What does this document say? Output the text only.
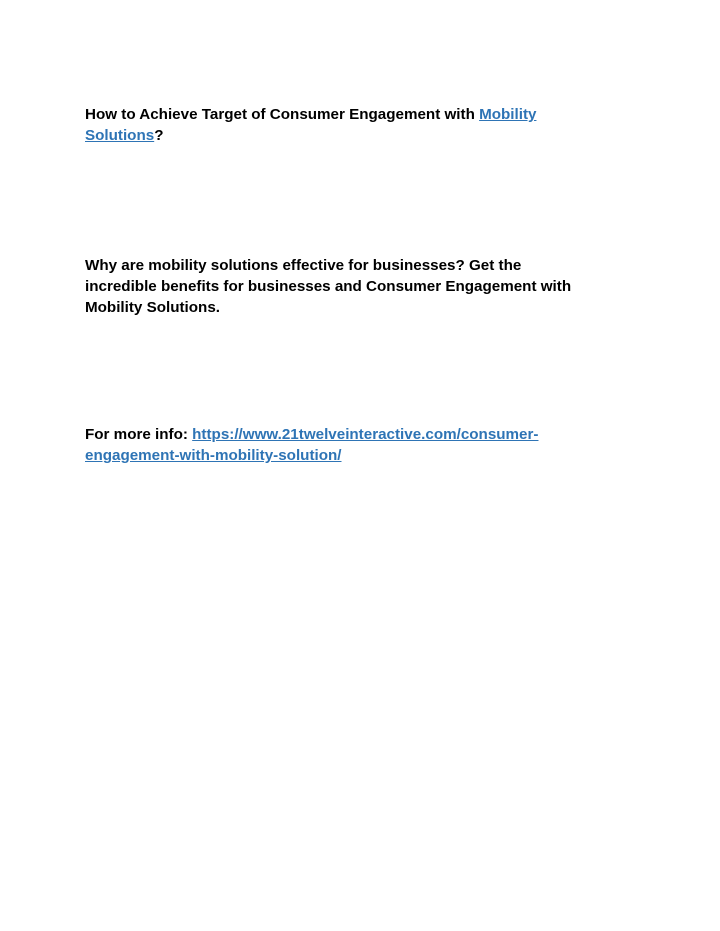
How to Achieve Target of Consumer Engagement with Mobility
Solutions?

Why are mobility solutions effective for businesses? Get the
incredible benefits for businesses and Consumer Engagement with
Mobility Solutions.

For more info: https://www.21twelveinteractive.com/consumer-
engagement-with-mobility-solution/
